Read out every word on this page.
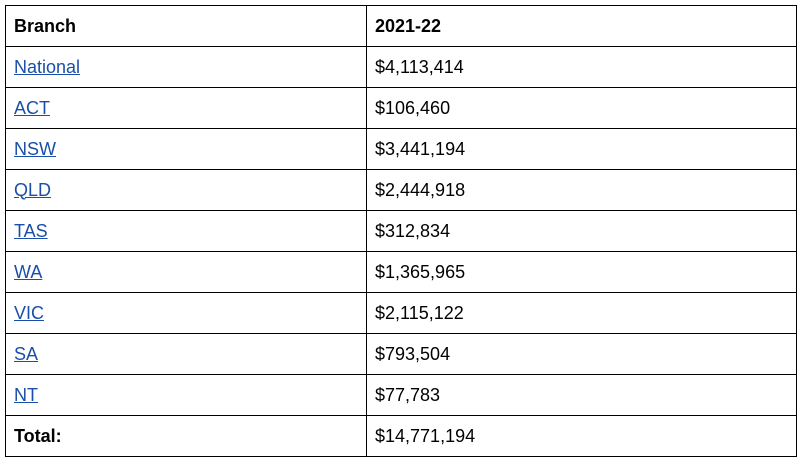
Branch	2021-22
National	$4,113,414
ACT	$106,460
NSW	$3,441,194
QLD	$2,444,918
TAS	$312,834
WA	$1,365,965
VIC	$2,115,122
SA	$793,504
NT	$77,783
Total:	$14,771,194
